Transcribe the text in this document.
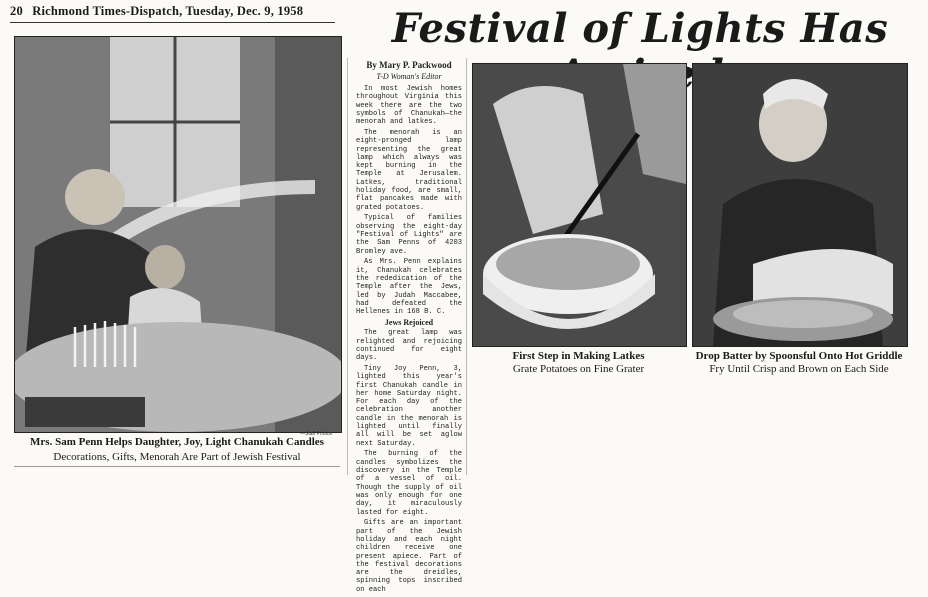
20 Richmond Times-Dispatch, Tuesday, Dec. 9, 1958	Festival of Lights Has
—Staff Photos
Mrs. Sam Penn Helps Daughter, Joy, Light Chanukah Candles
Decorations, Gifts, Menorah Are Part of Jewish Festival
By Mary P. Packwood
T-D Woman's Editor

In most Jewish homes throughout Virginia this week there are the two symbols of Chanukah—the menorah and latkes.

The menorah is an eight-pronged lamp representing the great lamp which always was kept burning in the Temple at Jerusalem. Latkes, traditional holiday food, are small, flat pancakes made with grated potatoes.

Typical of families observing the eight-day "Festival of Lights" are the Sam Penns of 4203 Bromley ave.

As Mrs. Penn explains it, Chanukah celebrates the rededication of the Temple after the Jews, led by Judah Maccabee, had defeated the Hellenes in 168 B. C.

Jews Rejoiced

The great lamp was relighted and rejoicing continued for eight days.

Tiny Joy Penn, 3, lighted this year's first Chanukah candle in her home Saturday night. For each day of the celebration another candle in the menorah is lighted until finally all will be set aglow next Saturday.

The burning of the candles symbolizes the discovery in the Temple of a vessel of oil. Though the supply of oil was only enough for one day, it miraculously lasted for eight.

Gifts are an important part of the Jewish holiday and each night children receive one present apiece. Part of the festival decorations are the dreidles, spinning tops inscribed on each

First Step in Making Latkes
Grate Potatoes on Fine Grater
Drop Batter by Spoonsful Onto Hot Griddle
Fry Until Crisp and Brown on Each Side
